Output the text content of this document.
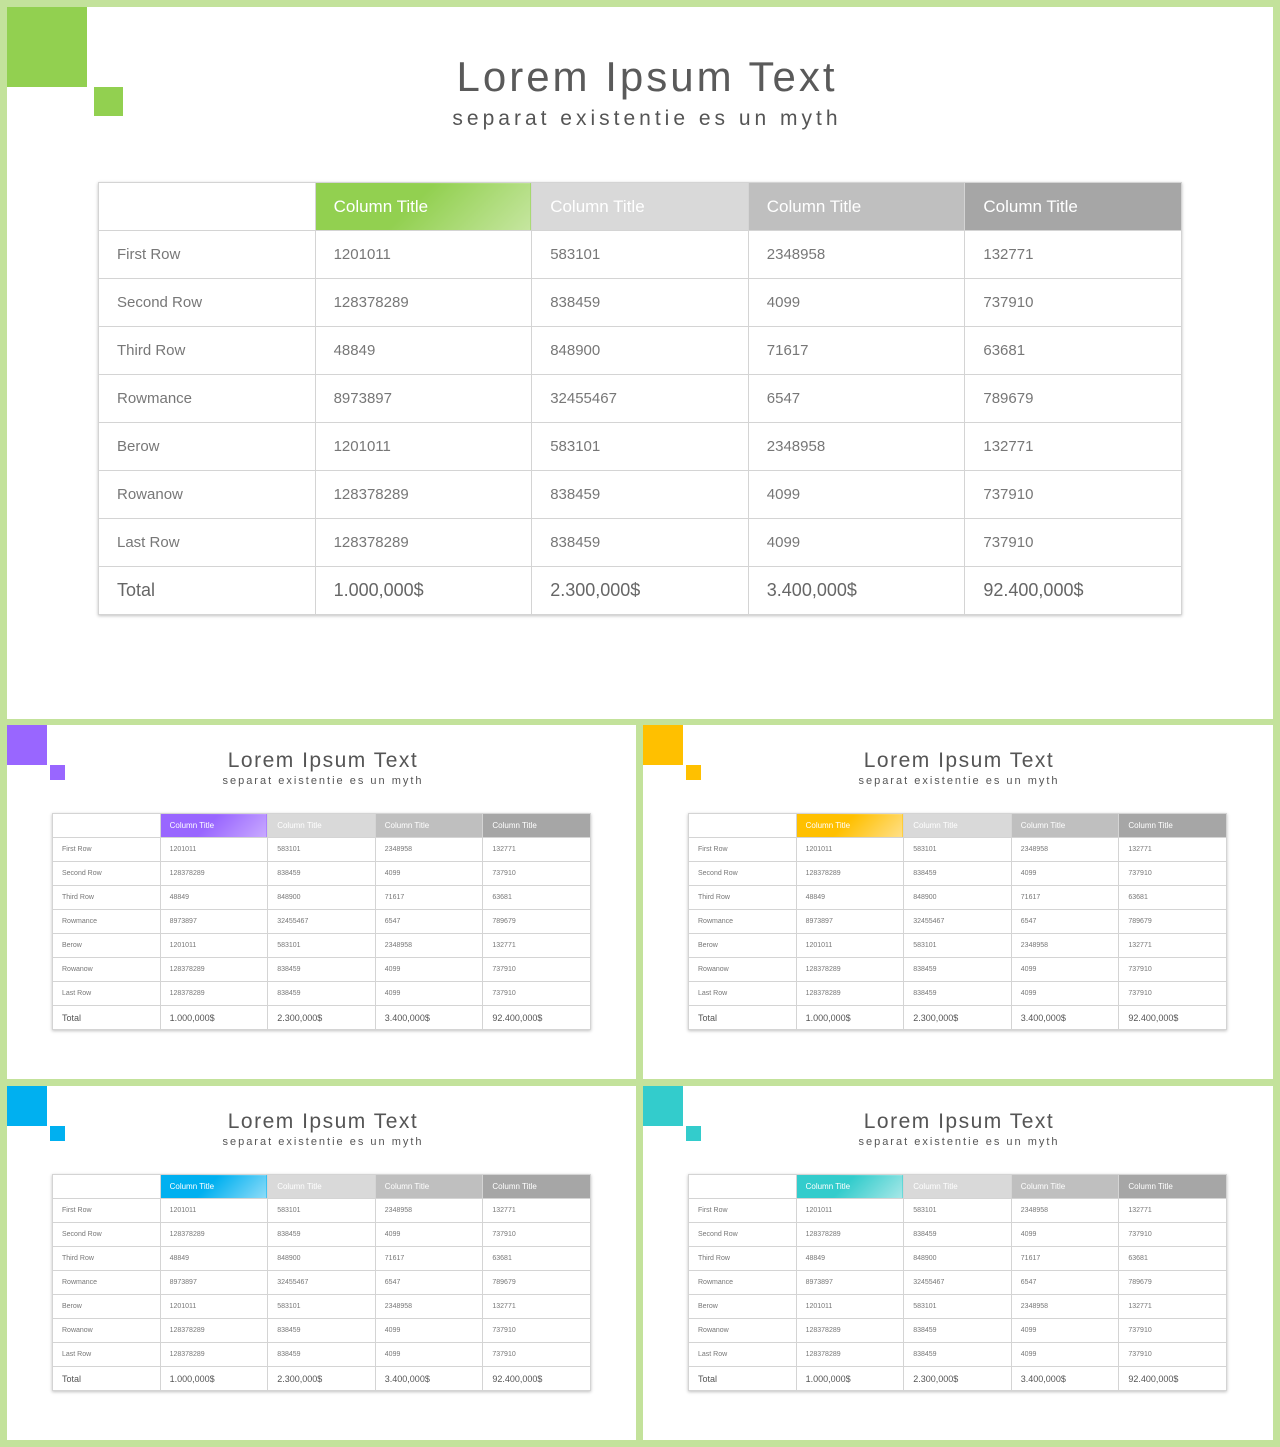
Lorem Ipsum Text
separat existentie es un myth
	Column Title	Column Title	Column Title	Column Title
First Row	1201011	583101	2348958	132771
Second Row	128378289	838459	4099	737910
Third Row	48849	848900	71617	63681
Rowmance	8973897	32455467	6547	789679
Berow	1201011	583101	2348958	132771
Rowanow	128378289	838459	4099	737910
Last Row	128378289	838459	4099	737910
Total	1.000,000$	2.300,000$	3.400,000$	92.400,000$
Lorem Ipsum Text
separat existentie es un myth
	Column Title	Column Title	Column Title	Column Title
First Row	1201011	583101	2348958	132771
Second Row	128378289	838459	4099	737910
Third Row	48849	848900	71617	63681
Rowmance	8973897	32455467	6547	789679
Berow	1201011	583101	2348958	132771
Rowanow	128378289	838459	4099	737910
Last Row	128378289	838459	4099	737910
Total	1.000,000$	2.300,000$	3.400,000$	92.400,000$
Lorem Ipsum Text
separat existentie es un myth
	Column Title	Column Title	Column Title	Column Title
First Row	1201011	583101	2348958	132771
Second Row	128378289	838459	4099	737910
Third Row	48849	848900	71617	63681
Rowmance	8973897	32455467	6547	789679
Berow	1201011	583101	2348958	132771
Rowanow	128378289	838459	4099	737910
Last Row	128378289	838459	4099	737910
Total	1.000,000$	2.300,000$	3.400,000$	92.400,000$
Lorem Ipsum Text
separat existentie es un myth
	Column Title	Column Title	Column Title	Column Title
First Row	1201011	583101	2348958	132771
Second Row	128378289	838459	4099	737910
Third Row	48849	848900	71617	63681
Rowmance	8973897	32455467	6547	789679
Berow	1201011	583101	2348958	132771
Rowanow	128378289	838459	4099	737910
Last Row	128378289	838459	4099	737910
Total	1.000,000$	2.300,000$	3.400,000$	92.400,000$
Lorem Ipsum Text
separat existentie es un myth
	Column Title	Column Title	Column Title	Column Title
First Row	1201011	583101	2348958	132771
Second Row	128378289	838459	4099	737910
Third Row	48849	848900	71617	63681
Rowmance	8973897	32455467	6547	789679
Berow	1201011	583101	2348958	132771
Rowanow	128378289	838459	4099	737910
Last Row	128378289	838459	4099	737910
Total	1.000,000$	2.300,000$	3.400,000$	92.400,000$
